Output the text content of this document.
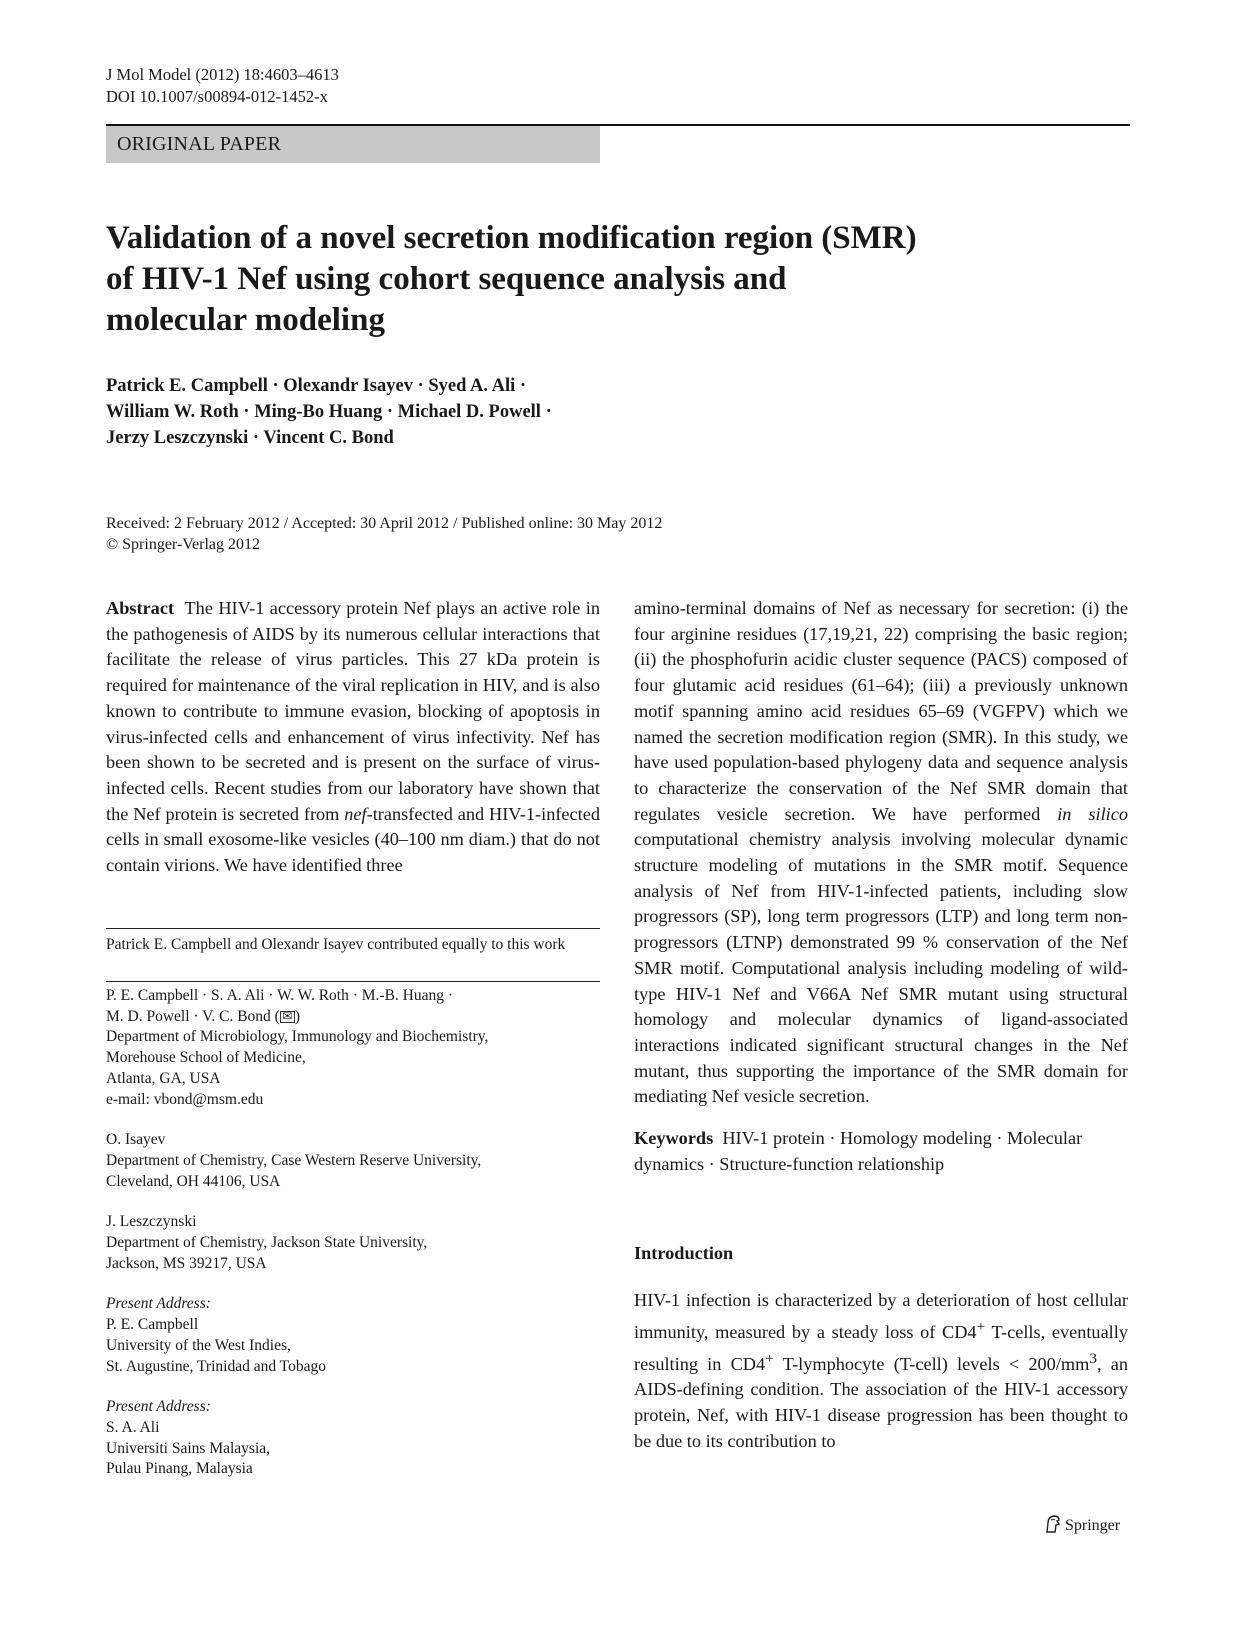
J Mol Model (2012) 18:4603–4613
DOI 10.1007/s00894-012-1452-x
ORIGINAL PAPER
Validation of a novel secretion modification region (SMR)
of HIV-1 Nef using cohort sequence analysis and
molecular modeling
Patrick E. Campbell · Olexandr Isayev · Syed A. Ali ·
William W. Roth · Ming-Bo Huang · Michael D. Powell ·
Jerzy Leszczynski · Vincent C. Bond
Received: 2 February 2012 / Accepted: 30 April 2012 / Published online: 30 May 2012
© Springer-Verlag 2012
Abstract The HIV-1 accessory protein Nef plays an active role in the pathogenesis of AIDS by its numerous cellular interactions that facilitate the release of virus particles. This 27 kDa protein is required for maintenance of the viral replication in HIV, and is also known to contribute to immune evasion, blocking of apoptosis in virus-infected cells and enhancement of virus infectivity. Nef has been shown to be secreted and is present on the surface of virus-infected cells. Recent studies from our laboratory have shown that the Nef protein is secreted from nef-transfected and HIV-1-infected cells in small exosome-like vesicles (40–100 nm diam.) that do not contain virions. We have identified three
Patrick E. Campbell and Olexandr Isayev contributed equally to this work
P. E. Campbell · S. A. Ali · W. W. Roth · M.-B. Huang ·
M. D. Powell · V. C. Bond ( ✉ )
Department of Microbiology, Immunology and Biochemistry,
Morehouse School of Medicine,
Atlanta, GA, USA
e-mail: vbond@msm.edu
O. Isayev
Department of Chemistry, Case Western Reserve University,
Cleveland, OH 44106, USA
J. Leszczynski
Department of Chemistry, Jackson State University,
Jackson, MS 39217, USA
Present Address:
P. E. Campbell
University of the West Indies,
St. Augustine, Trinidad and Tobago
Present Address:
S. A. Ali
Universiti Sains Malaysia,
Pulau Pinang, Malaysia
amino-terminal domains of Nef as necessary for secretion: (i) the four arginine residues (17,19,21, 22) comprising the basic region; (ii) the phosphofurin acidic cluster sequence (PACS) composed of four glutamic acid residues (61–64); (iii) a previously unknown motif spanning amino acid residues 65–69 (VGFPV) which we named the secretion modification region (SMR). In this study, we have used population-based phylogeny data and sequence analysis to characterize the conservation of the Nef SMR domain that regulates vesicle secretion. We have performed in silico computational chemistry analysis involving molecular dynamic structure modeling of mutations in the SMR motif. Sequence analysis of Nef from HIV-1-infected patients, including slow progressors (SP), long term progressors (LTP) and long term non-progressors (LTNP) demonstrated 99 % conservation of the Nef SMR motif. Computational analysis including modeling of wild-type HIV-1 Nef and V66A Nef SMR mutant using structural homology and molecular dynamics of ligand-associated interactions indicated significant structural changes in the Nef mutant, thus supporting the importance of the SMR domain for mediating Nef vesicle secretion.
Keywords HIV-1 protein · Homology modeling · Molecular dynamics · Structure-function relationship
Introduction
HIV-1 infection is characterized by a deterioration of host cellular immunity, measured by a steady loss of CD4+ T-cells, eventually resulting in CD4+ T-lymphocyte (T-cell) levels < $200/mm^3$, an AIDS-defining condition. The association of the HIV-1 accessory protein, Nef, with HIV-1 disease progression has been thought to be due to its contribution to
Springer
